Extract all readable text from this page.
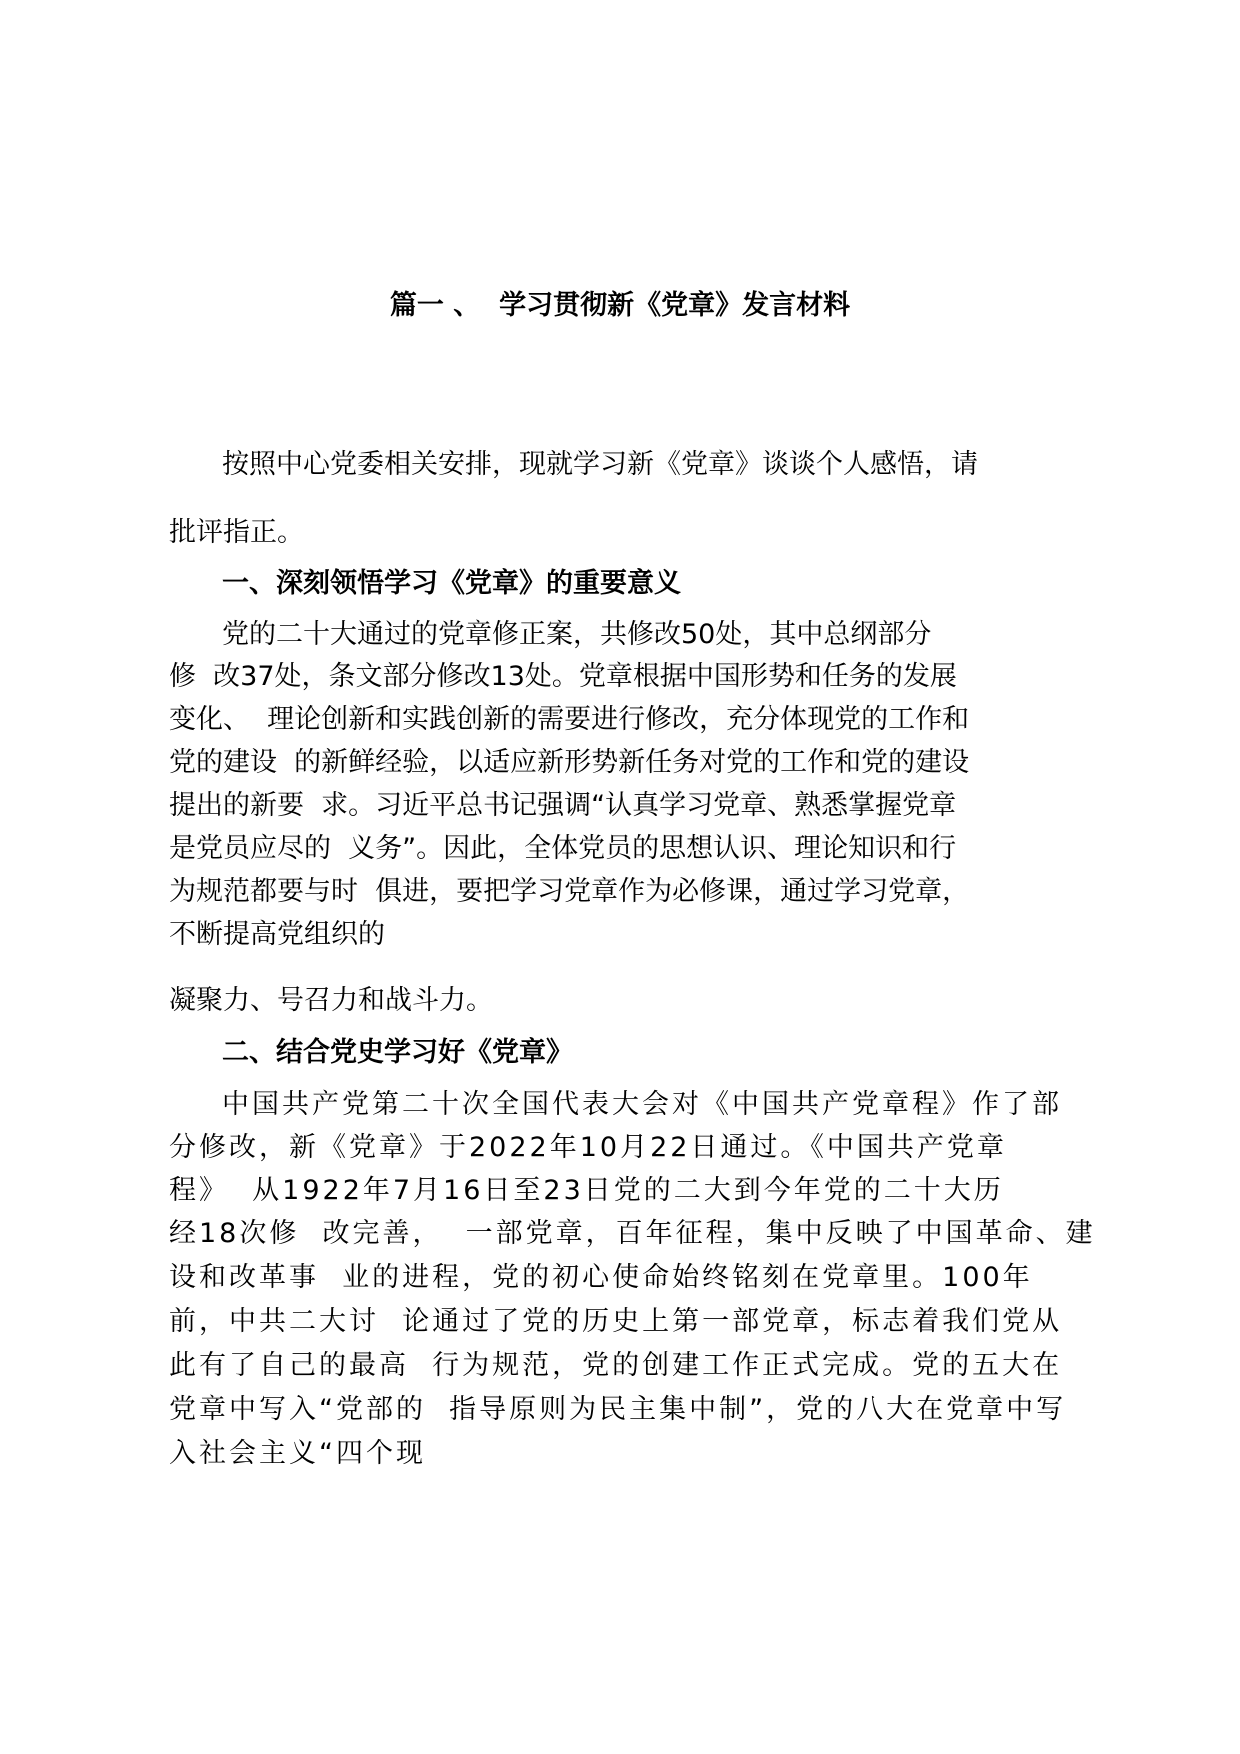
篇一 、  学习贯彻新《党章》发言材料

按照中心党委相关安排，现就学习新《党章》谈谈个人感悟，请

批评指正。

一、深刻领悟学习《党章》的重要意义

党的二十大通过的党章修正案，共修改50处，其中总纲部分

修  改37处，条文部分修改13处。党章根据中国形势和任务的发展

变化、  理论创新和实践创新的需要进行修改，充分体现党的工作和

党的建设  的新鲜经验，以适应新形势新任务对党的工作和党的建设

提出的新要  求。习近平总书记强调“认真学习党章、熟悉掌握党章

是党员应尽的  义务”。因此，全体党员的思想认识、理论知识和行

为规范都要与时  俱进，要把学习党章作为必修课，通过学习党章，

不断提高党组织的

凝聚力、号召力和战斗力。

二、结合党史学习好《党章》

中国共产党第二十次全国代表大会对《中国共产党章程》作了部

分修改，新《党章》于2022年10月22日通过。《中国共产党章

程》  从1922年7月16日至23日党的二大到今年党的二十大历

经18次修  改完善，  一部党章，百年征程，集中反映了中国革命、建

设和改革事  业的进程，党的初心使命始终铭刻在党章里。100年

前，中共二大讨  论通过了党的历史上第一部党章，标志着我们党从

此有了自己的最高  行为规范，党的创建工作正式完成。党的五大在

党章中写入“党部的  指导原则为民主集中制”，党的八大在党章中写

入社会主义“四个现
